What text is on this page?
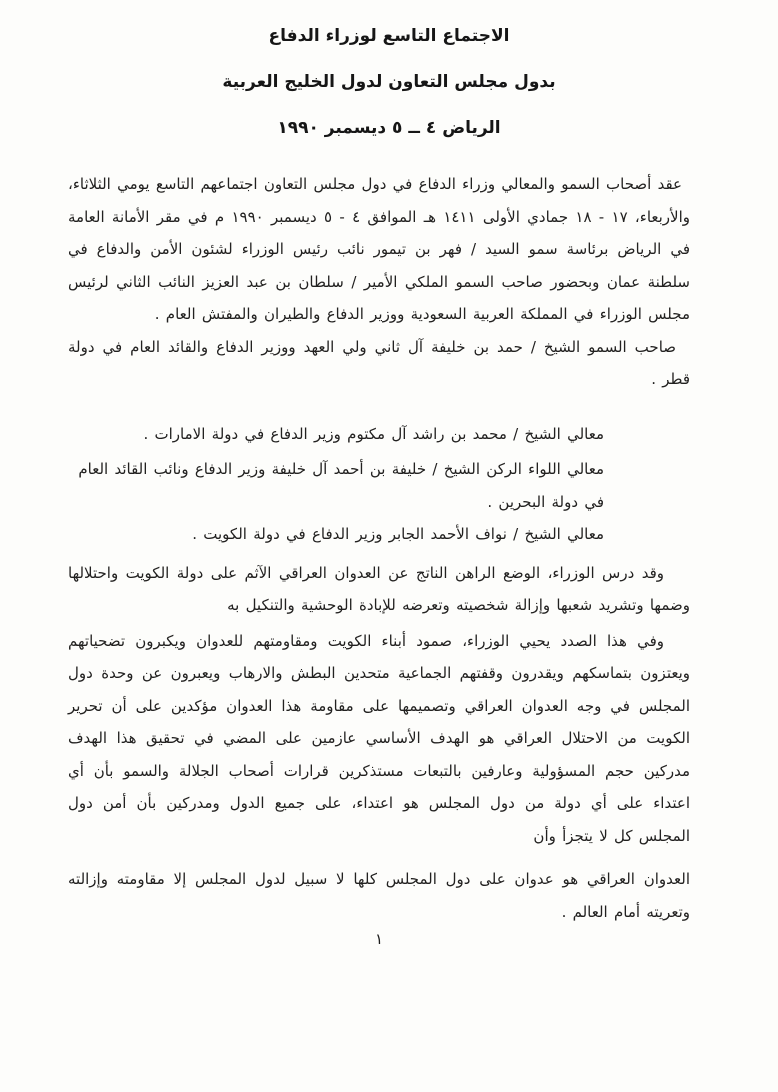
الاجتماع التاسع لوزراء الدفاع
بدول مجلس التعاون لدول الخليج العربية
الرياض ٤ ــ ٥ ديسمبر ١٩٩٠

عقد أصحاب السمو والمعالي وزراء الدفاع في دول مجلس التعاون اجتماعهم التاسع يومي الثلاثاء، والأربعاء، ١٧ - ١٨ جمادي الأولى ١٤١١ هـ الموافق ٤ - ٥ ديسمبر ١٩٩٠ م في مقر الأمانة العامة في الرياض برئاسة سمو السيد / فهر بن تيمور نائب رئيس الوزراء لشئون الأمن والدفاع في سلطنة عمان وبحضور صاحب السمو الملكي الأمير / سلطان بن عبد العزيز النائب الثاني لرئيس مجلس الوزراء في المملكة العربية السعودية ووزير الدفاع والطيران والمفتش العام .

صاحب السمو الشيخ / حمد بن خليفة آل ثاني ولي العهد ووزير الدفاع والقائد العام في دولة قطر .

معالي الشيخ / محمد بن راشد آل مكتوم وزير الدفاع في دولة الامارات .

معالي اللواء الركن الشيخ / خليفة بن أحمد آل خليفة وزير الدفاع ونائب القائد العام في دولة البحرين .

معالي الشيخ / نواف الأحمد الجابر وزير الدفاع في دولة الكويت .

وقد درس الوزراء، الوضع الراهن الناتج عن العدوان العراقي الآثم على دولة الكويت واحتلالها وضمها وتشريد شعبها وإزالة شخصيته وتعرضه للإبادة الوحشية والتنكيل به

وفي هذا الصدد يحيي الوزراء، صمود أبناء الكويت ومقاومتهم للعدوان ويكبرون تضحياتهم ويعتزون بتماسكهم ويقدرون وقفتهم الجماعية متحدين البطش والارهاب ويعبرون عن وحدة دول المجلس في وجه العدوان العراقي وتصميمها على مقاومة هذا العدوان مؤكدين على أن تحرير الكويت من الاحتلال العراقي هو الهدف الأساسي عازمين على المضي في تحقيق هذا الهدف مدركين حجم المسؤولية وعارفين بالتبعات مستذكرين قرارات أصحاب الجلالة والسمو بأن أي اعتداء على أي دولة من دول المجلس هو اعتداء، على جميع الدول ومدركين بأن أمن دول المجلس كل لا يتجزأ وأن

العدوان العراقي هو عدوان على دول المجلس كلها لا سبيل لدول المجلس إلا مقاومته وإزالته وتعريته أمام العالم .

١
